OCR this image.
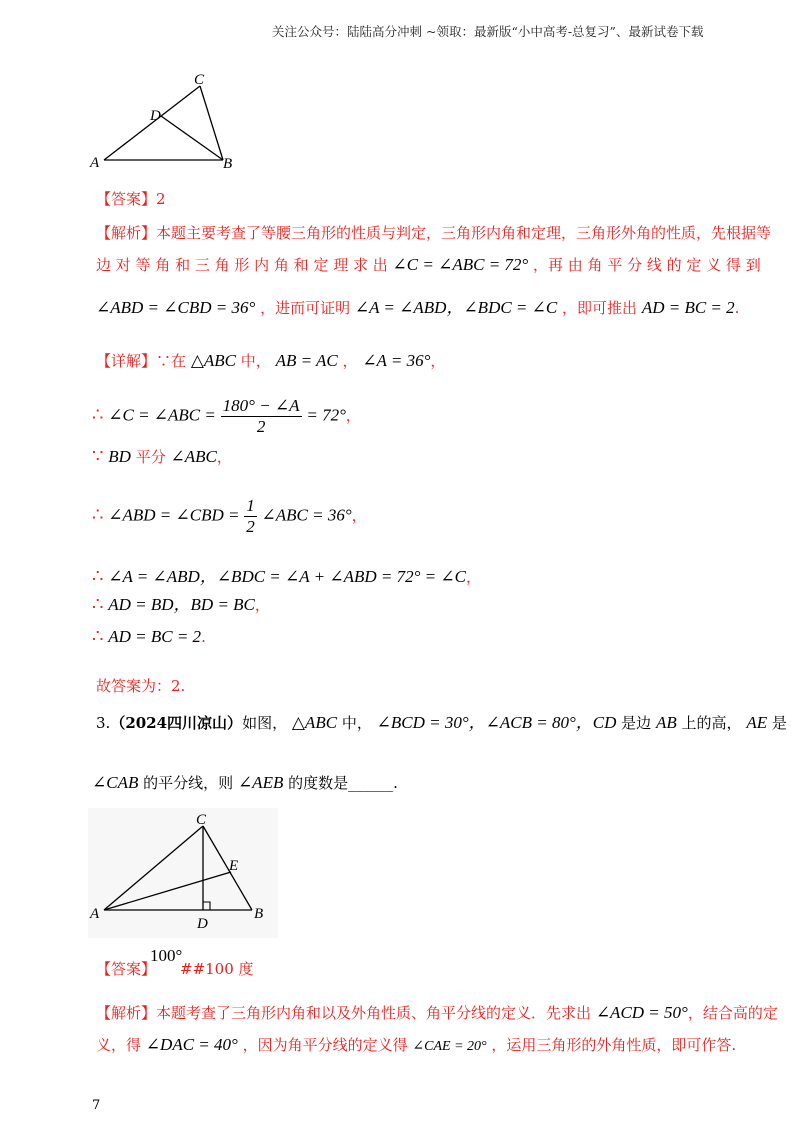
关注公众号：陆陆高分冲刺 ~领取：最新版“小中高考-总复习”、最新试卷下载
A	B
C
D
【答案】2
【解析】本题主要考查了等腰三角形的性质与判定，三角形内角和定理，三角形外角的性质，先根据等
边 对 等 角 和 三 角 形 内 角 和 定 理 求 出 ∠C = ∠ABC = 72° ，再 由 角 平 分 线 的 定 义 得 到
∠ABD = ∠CBD = 36° ，进而可证明 ∠A = ∠ABD，∠BDC = ∠C ，即可推出 AD = BC = 2.
【详解】∵在 △ABC 中， AB = AC ， ∠A = 36°，
∴ ∠C = ∠ABC = $\frac{180^\circ - \angle A}{2} = 72^\circ$，
∵ BD 平分 ∠ABC，
∴ ∠ABD = ∠CBD = $\frac{1}{2}$ ∠ABC = 36°，
∴ ∠A = ∠ABD，∠BDC = ∠A + ∠ABD = 72° = ∠C，
∴ AD = BD，BD = BC，
∴ AD = BC = 2.
故答案为：2.
3.（2024四川凉山）如图， △ABC 中， ∠BCD = 30°，∠ACB = 80°，CD 是边 AB 上的高， AE 是
∠CAB 的平分线，则 ∠AEB 的度数是______.
A	B
C
D
E
【答案】
100°
##100 度
【解析】本题考查了三角形内角和以及外角性质、角平分线的定义．先求出 ∠ACD = 50°，结合高的定
义，得 ∠DAC = 40° ，因为角平分线的定义得 ∠CAE = 20° ，运用三角形的外角性质，即可作答.
7
